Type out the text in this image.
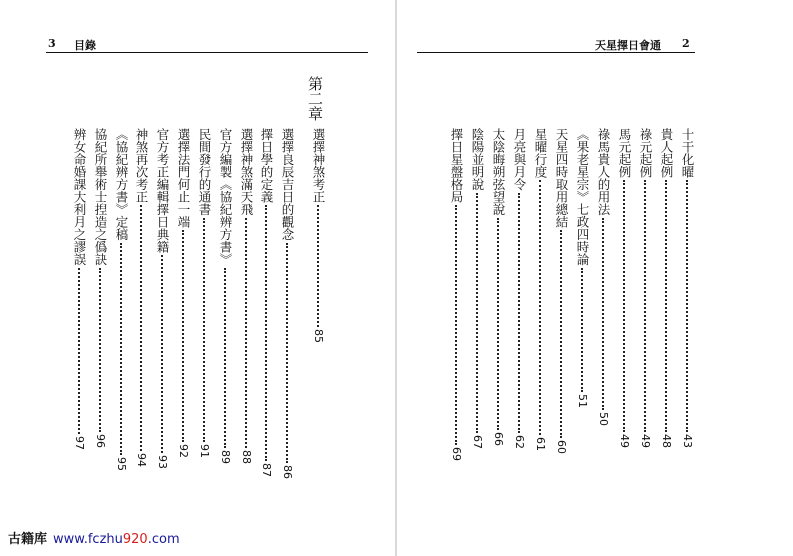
3 目錄
第二章
選擇神煞考正85
選擇良辰吉日的觀念86
擇日學的定義87
選擇神煞滿天飛88
官方編製《協紀辨方書》89
民間發行的通書91
選擇法門何止一端92
官方考正編輯擇日典籍93
神煞再次考正94
《協紀辨方書》定稿95
協紀所舉術士揑造之僞訣96
辨女命婚課大利月之謬誤97
天星擇日會通 2
十干化曜43
貴人起例48
祿元起例49
馬元起例49
祿馬貴人的用法50
《果老星宗》七政四時論51
天星四時取用總結60
星曜行度61
月亮與月令62
太陰晦朔弦望說66
陰陽並明說67
擇日星盤格局69
古籍库 www.fczhu920.com
